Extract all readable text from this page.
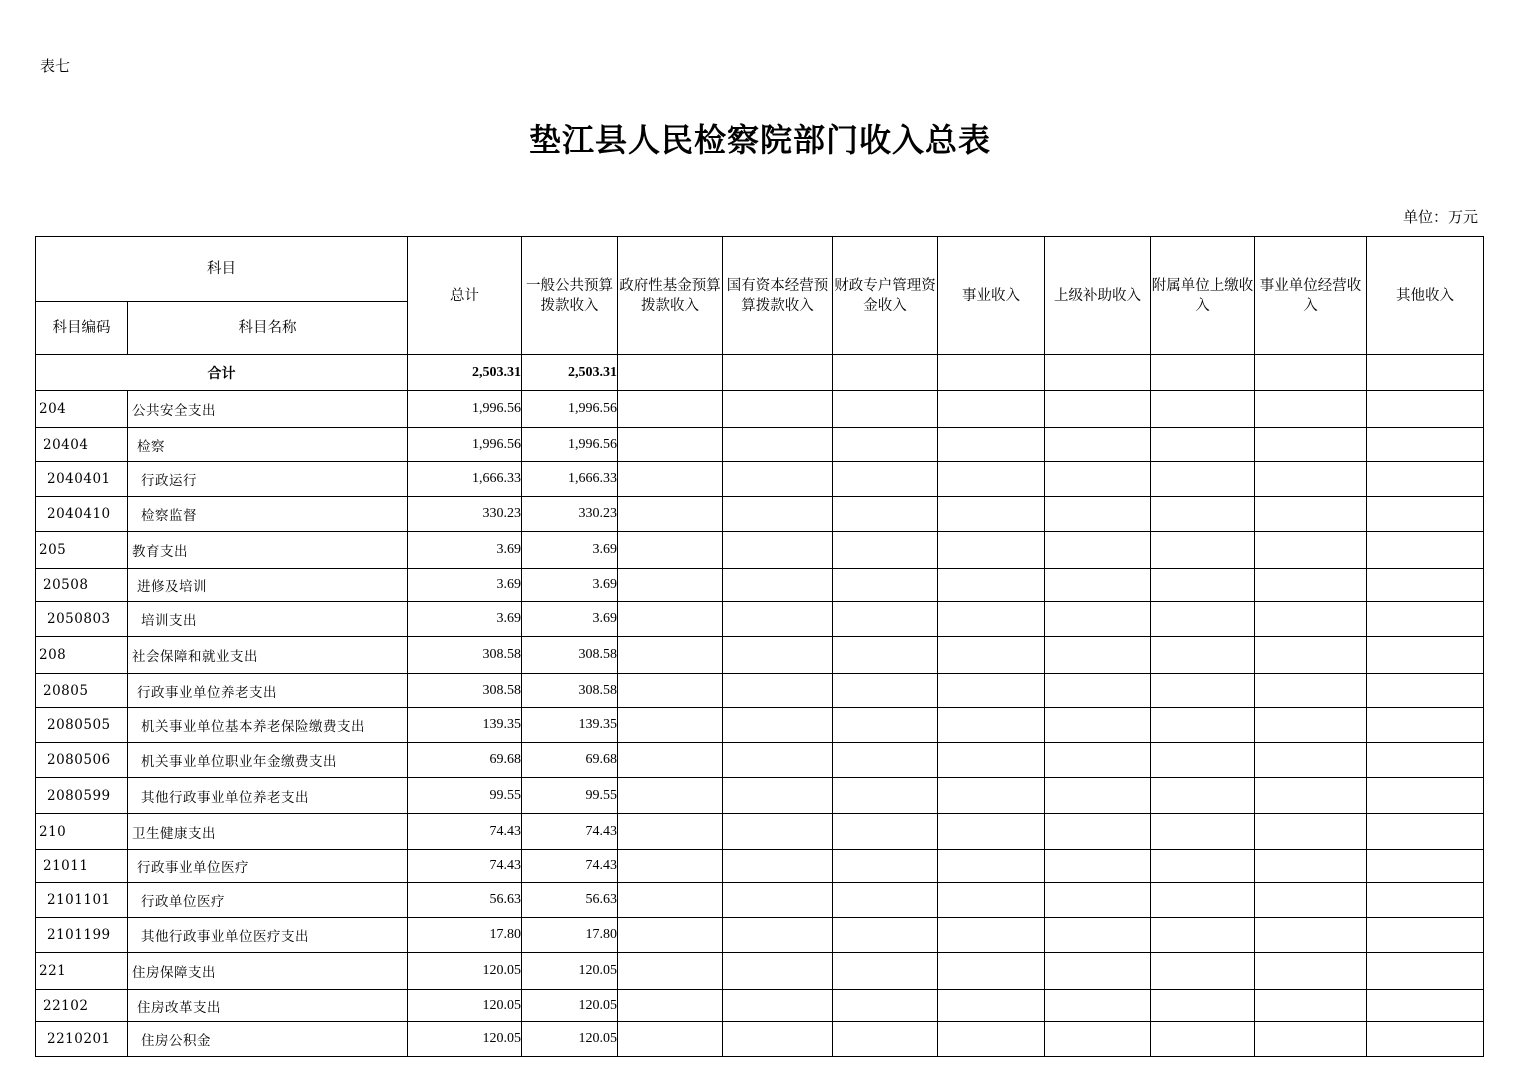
表七
垫江县人民检察院部门收入总表
单位：万元
科目		总计	一般公共预算拨款收入	政府性基金预算拨款收入	国有资本经营预算拨款收入	财政专户管理资金收入	事业收入	上级补助收入	附属单位上缴收入	事业单位经营收入	其他收入
科目编码	科目名称										
合计		2,503.31	2,503.31								
204	公共安全支出	1,996.56	1,996.56								
20404	检察	1,996.56	1,996.56								
2040401	行政运行	1,666.33	1,666.33								
2040410	检察监督	330.23	330.23								
205	教育支出	3.69	3.69								
20508	进修及培训	3.69	3.69								
2050803	培训支出	3.69	3.69								
208	社会保障和就业支出	308.58	308.58								
20805	行政事业单位养老支出	308.58	308.58								
2080505	机关事业单位基本养老保险缴费支出	139.35	139.35								
2080506	机关事业单位职业年金缴费支出	69.68	69.68								
2080599	其他行政事业单位养老支出	99.55	99.55								
210	卫生健康支出	74.43	74.43								
21011	行政事业单位医疗	74.43	74.43								
2101101	行政单位医疗	56.63	56.63								
2101199	其他行政事业单位医疗支出	17.80	17.80								
221	住房保障支出	120.05	120.05								
22102	住房改革支出	120.05	120.05								
2210201	住房公积金	120.05	120.05								
